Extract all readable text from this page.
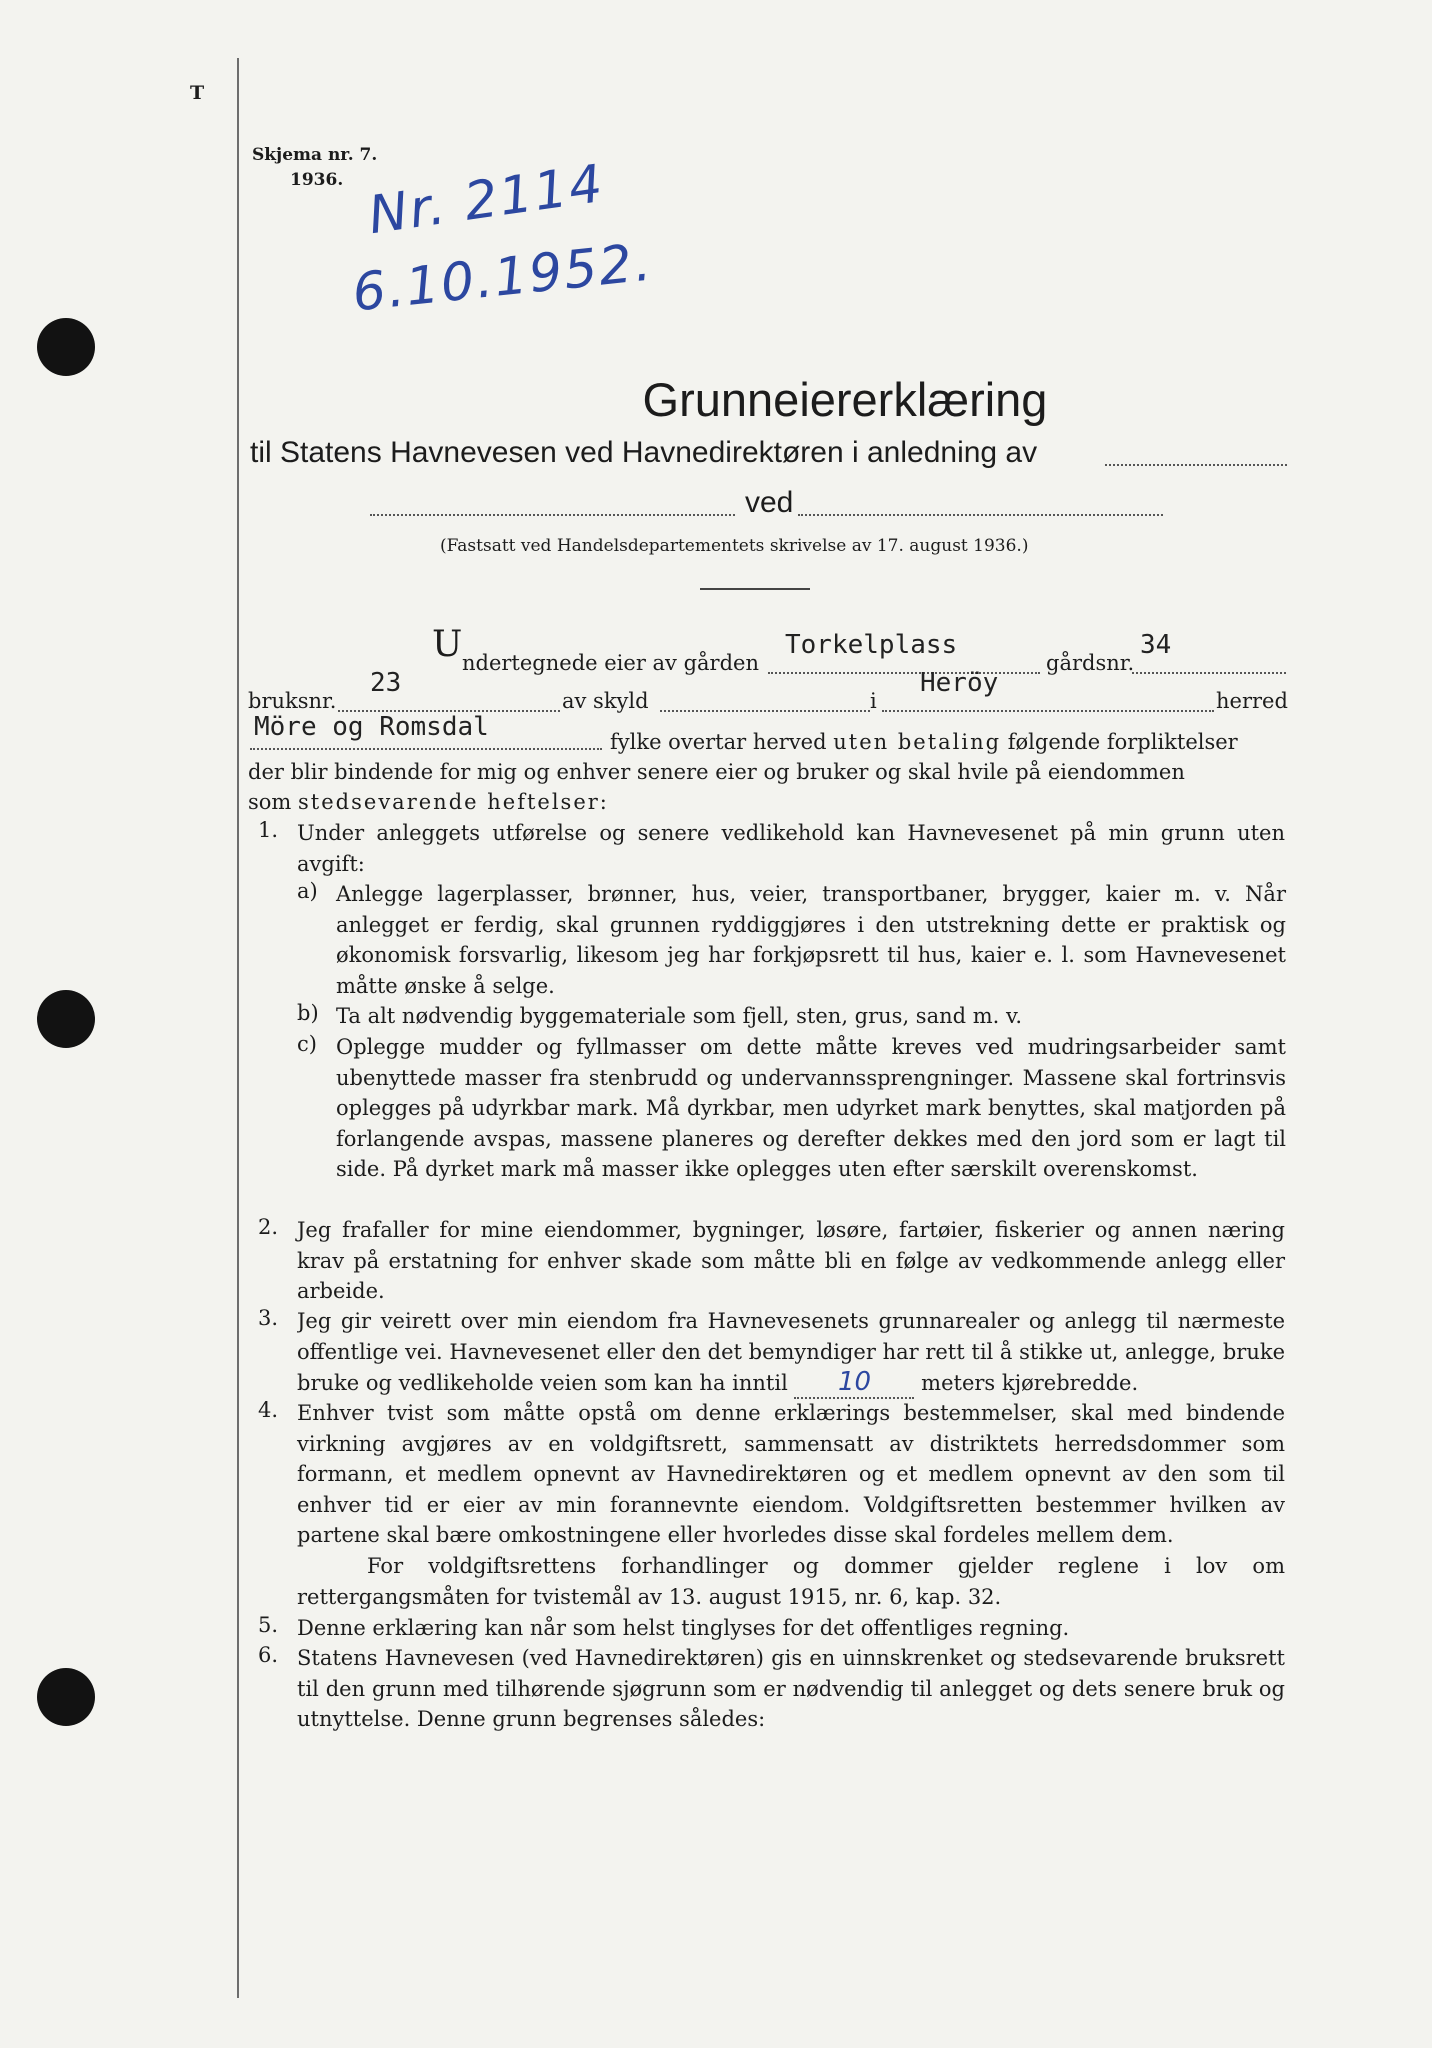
T
Skjema nr. 7.
1936. Nr. 2114
6.10.1952.
Grunneiererklæring
til Statens Havnevesen ved Havnedirektøren i anledning av
ved
(Fastsatt ved Handelsdepartementets skrivelse av 17. august 1936.)
U ndertegnede eier av gården
Torkelplass
gårdsnr.
34
bruksnr.
23
av skyld	i
Heröy
herred
Möre og Romsdal	fylke overtar herved uten betaling følgende forpliktelser
der blir bindende for mig og enhver senere eier og bruker og skal hvile på eiendommen
som stedsevarende heftelser:
1. Under anleggets utførelse og senere vedlikehold kan Havnevesenet på min grunn uten avgift:
a) Anlegge lagerplasser, brønner, hus, veier, transportbaner, brygger, kaier m. v. Når anlegget er ferdig, skal grunnen ryddiggjøres i den utstrekning dette er praktisk og økonomisk forsvarlig, likesom jeg har forkjøpsrett til hus, kaier e. l. som Havnevesenet måtte ønske å selge.
b) Ta alt nødvendig byggemateriale som fjell, sten, grus, sand m. v.
c) Oplegge mudder og fyllmasser om dette måtte kreves ved mudringsarbeider samt ubenyttede masser fra stenbrudd og undervannssprengninger. Massene skal fortrinsvis oplegges på udyrkbar mark. Må dyrkbar, men udyrket mark benyttes, skal matjorden på forlangende avspas, massene planeres og derefter dekkes med den jord som er lagt til side. På dyrket mark må masser ikke oplegges uten efter særskilt overenskomst.
2. Jeg frafaller for mine eiendommer, bygninger, løsøre, fartøier, fiskerier og annen næring krav på erstatning for enhver skade som måtte bli en følge av vedkommende anlegg eller arbeide.
3. Jeg gir veirett over min eiendom fra Havnevesenets grunnarealer og anlegg til nærmeste offentlige vei. Havnevesenet eller den det bemyndiger har rett til å stikke ut, anlegge, bruke
bruke og vedlikeholde veien som kan ha inntil 10 meters kjørebredde.
4. Enhver tvist som måtte opstå om denne erklærings bestemmelser, skal med bindende virkning avgjøres av en voldgiftsrett, sammensatt av distriktets herredsdommer som formann, et medlem opnevnt av Havnedirektøren og et medlem opnevnt av den som til enhver tid er eier av min forannevnte eiendom. Voldgiftsretten bestemmer hvilken av partene skal bære omkostningene eller hvorledes disse skal fordeles mellem dem.
For voldgiftsrettens forhandlinger og dommer gjelder reglene i lov om rettergangsmåten for tvistemål av 13. august 1915, nr. 6, kap. 32.
5. Denne erklæring kan når som helst tinglyses for det offentliges regning.
6. Statens Havnevesen (ved Havnedirektøren) gis en uinnskrenket og stedsevarende bruksrett til den grunn med tilhørende sjøgrunn som er nødvendig til anlegget og dets senere bruk og utnyttelse. Denne grunn begrenses således:
